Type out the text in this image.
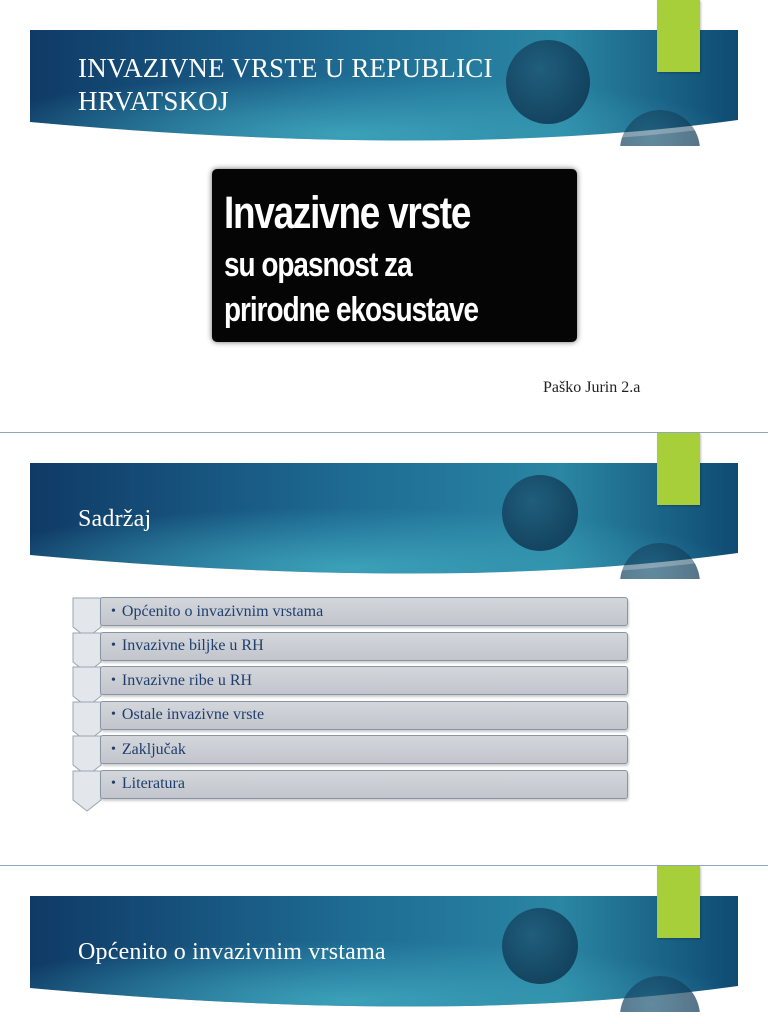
INVAZIVNE VRSTE U REPUBLICI
HRVATSKOJ
Invazivne vrste
su opasnost za
prirodne ekosustave
Paško Jurin 2.a
Sadržaj
• Općenito o invazivnim vrstama
• Invazivne biljke u RH
• Invazivne ribe u RH
• Ostale invazivne vrste
• Zaključak
• Literatura
Općenito o invazivnim vrstama
